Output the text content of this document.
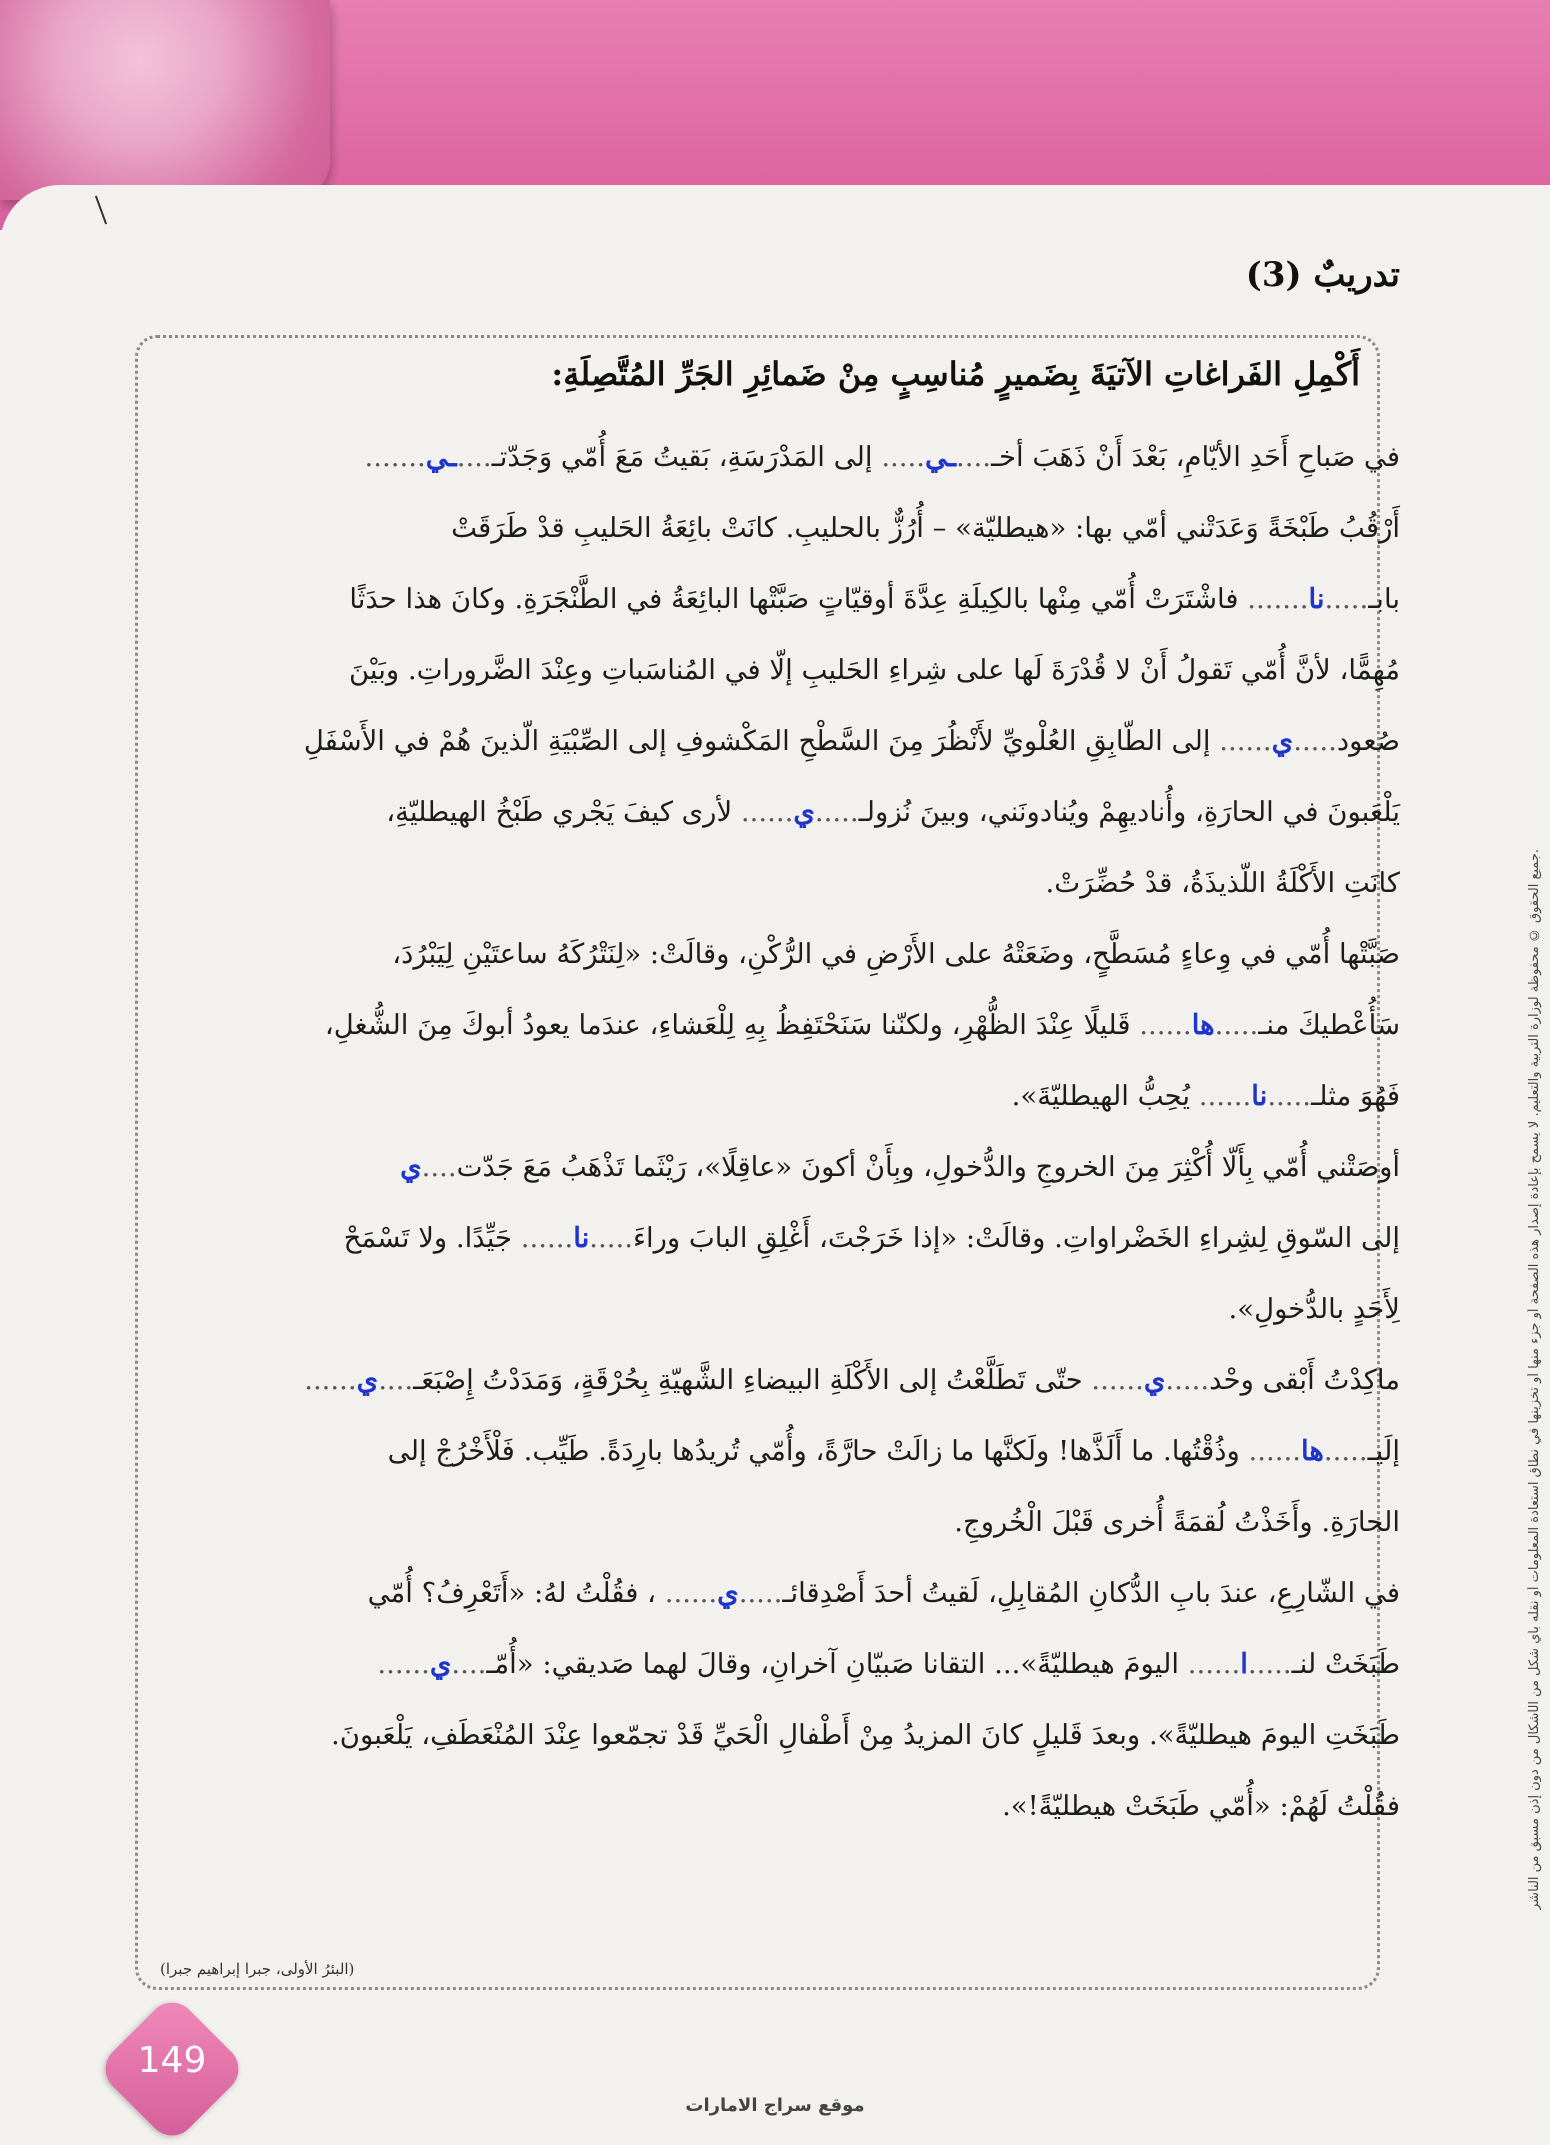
جميع الحقوق © محفوظة لوزارة التربية والتعليم. لا يسمح بإعادة إصدار هذه الصفحة أو جزء منها أو تخزينها في نطاق استعادة المعلومات أو نقله بأي شكل من الأشكال من دون إذن مسبق من الناشر.
تدريبٌ (3)
أَكْمِلِ الفَراغاتِ الآتيَةَ بِضَميرٍ مُناسِبٍ مِنْ ضَمائِرِ الجَرِّ المُتَّصِلَةِ:
في صَباحِ أَحَدِ الأيّامِ، بَعْدَ أَنْ ذَهَبَ أخـ....ـي..... إلى المَدْرَسَةِ، بَقيتُ مَعَ أُمّي وَجَدّتـ....ـي.......
أَرْقُبُ طَبْخَةً وَعَدَتْني أمّي بها: «هيطليّة» – أُرُزٌّ بالحليبِ. كانَتْ بائِعَةُ الحَليبِ قدْ طَرَقَتْ
بابـ.....نا....... فاشْتَرَتْ أُمّي مِنْها بالكِيلَةِ عِدَّةَ أوقيّاتٍ صَبَّتْها البائِعَةُ في الطَّنْجَرَةِ. وكانَ هذا حدَثًا
مُهِمًّا، لأنَّ أُمّي تَقولُ أَنْ لا قُدْرَةَ لَها على شِراءِ الحَليبِ إلّا في المُناسَباتِ وعِنْدَ الضَّروراتِ. وبَيْنَ
صُعود.....ي...... إلى الطّابِقِ العُلْويِّ لأَنْظُرَ مِنَ السَّطْحِ المَكْشوفِ إلى الصِّبْيَةِ الّذينَ هُمْ في الأَسْفَلِ
يَلْعَبونَ في الحارَةِ، وأُناديهِمْ ويُنادونَني، وبينَ نُزولـ.....ي...... لأرى كيفَ يَجْري طَبْخُ الهيطليّةِ،
كانَتِ الأَكْلَةُ اللّذيذَةُ، قدْ حُضِّرَتْ.
صَبَّتْها أُمّي في وِعاءٍ مُسَطَّحٍ، وضَعَتْهُ على الأَرْضِ في الرُّكْنِ، وقالَتْ: «لِنَتْرُكَهُ ساعتَيْنِ لِيَبْرُدَ،
سَأُعْطيكَ منـ.....ها...... قَليلًا عِنْدَ الظُّهْرِ، ولكنّنا سَنَحْتَفِظُ بِهِ لِلْعَشاءِ، عندَما يعودُ أبوكَ مِنَ الشُّغلِ،
فَهُوَ مثلـ.....نا...... يُحِبُّ الهيطليّةَ».
أوصَتْني أُمّي بِأَلّا أُكْثِرَ مِنَ الخروجِ والدُّخولِ، وبِأَنْ أكونَ «عاقِلًا»، رَيْثَما تَذْهَبُ مَعَ جَدّت....ي
إلى السّوقِ لِشِراءِ الخَضْراواتِ. وقالَتْ: «إذا خَرَجْتَ، أَغْلِقِ البابَ وراءَ.....نا...... جَيِّدًا. ولا تَسْمَحْ
لِأَحَدٍ بالدُّخولِ».
ماكِدْتُ أَبْقى وحْد.....ي...... حتّى تَطَلَّعْتُ إلى الأَكْلَةِ البيضاءِ الشَّهيّةِ بِحُرْقَةٍ، وَمَدَدْتُ إِصْبَعَـ....ي......
إلَيـ.....ها...... وذُقْتُها. ما أَلَذَّها! ولَكنَّها ما زالَتْ حارَّةً، وأُمّي تُريدُها بارِدَةً. طَيِّب. فَلْأَخْرُجْ إلى
الحارَةِ. وأَخَذْتُ لُقمَةً أُخرى قَبْلَ الْخُروجِ.
في الشّارِعِ، عندَ بابِ الدُّكانِ المُقابِلِ، لَقيتُ أحدَ أَصْدِقائـ.....ي...... ، فقُلْتُ لهُ: «أَتَعْرِفُ؟ أُمّي
طَبَخَتْ لنـ.....ا...... اليومَ هيطليّةً»... التقانا صَبيّانِ آخرانِ، وقالَ لهما صَديقي: «أُمّـ....ي......
طَبَخَتِ اليومَ هيطليّةً». وبعدَ قَليلٍ كانَ المزيدُ مِنْ أَطْفالِ الْحَيِّ قَدْ تجمّعوا عِنْدَ المُنْعَطَفِ، يَلْعَبونَ.
فقُلْتُ لَهُمْ: «أُمّي طَبَخَتْ هيطليّةً!».
(البئرُ الأولى، جبرا إبراهيم جبرا)
149
موقع سراج الامارات
